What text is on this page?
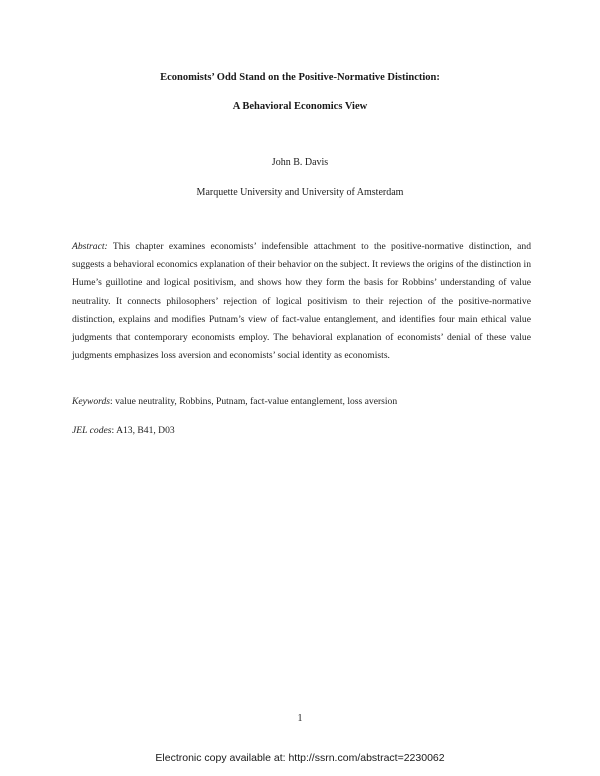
Economists’ Odd Stand on the Positive-Normative Distinction:
A Behavioral Economics View
John B. Davis
Marquette University and University of Amsterdam
Abstract: This chapter examines economists’ indefensible attachment to the positive-normative distinction, and suggests a behavioral economics explanation of their behavior on the subject. It reviews the origins of the distinction in Hume’s guillotine and logical positivism, and shows how they form the basis for Robbins’ understanding of value neutrality. It connects philosophers’ rejection of logical positivism to their rejection of the positive-normative distinction, explains and modifies Putnam’s view of fact-value entanglement, and identifies four main ethical value judgments that contemporary economists employ. The behavioral explanation of economists’ denial of these value judgments emphasizes loss aversion and economists’ social identity as economists.
Keywords: value neutrality, Robbins, Putnam, fact-value entanglement, loss aversion
JEL codes: A13, B41, D03
1
Electronic copy available at: http://ssrn.com/abstract=2230062
